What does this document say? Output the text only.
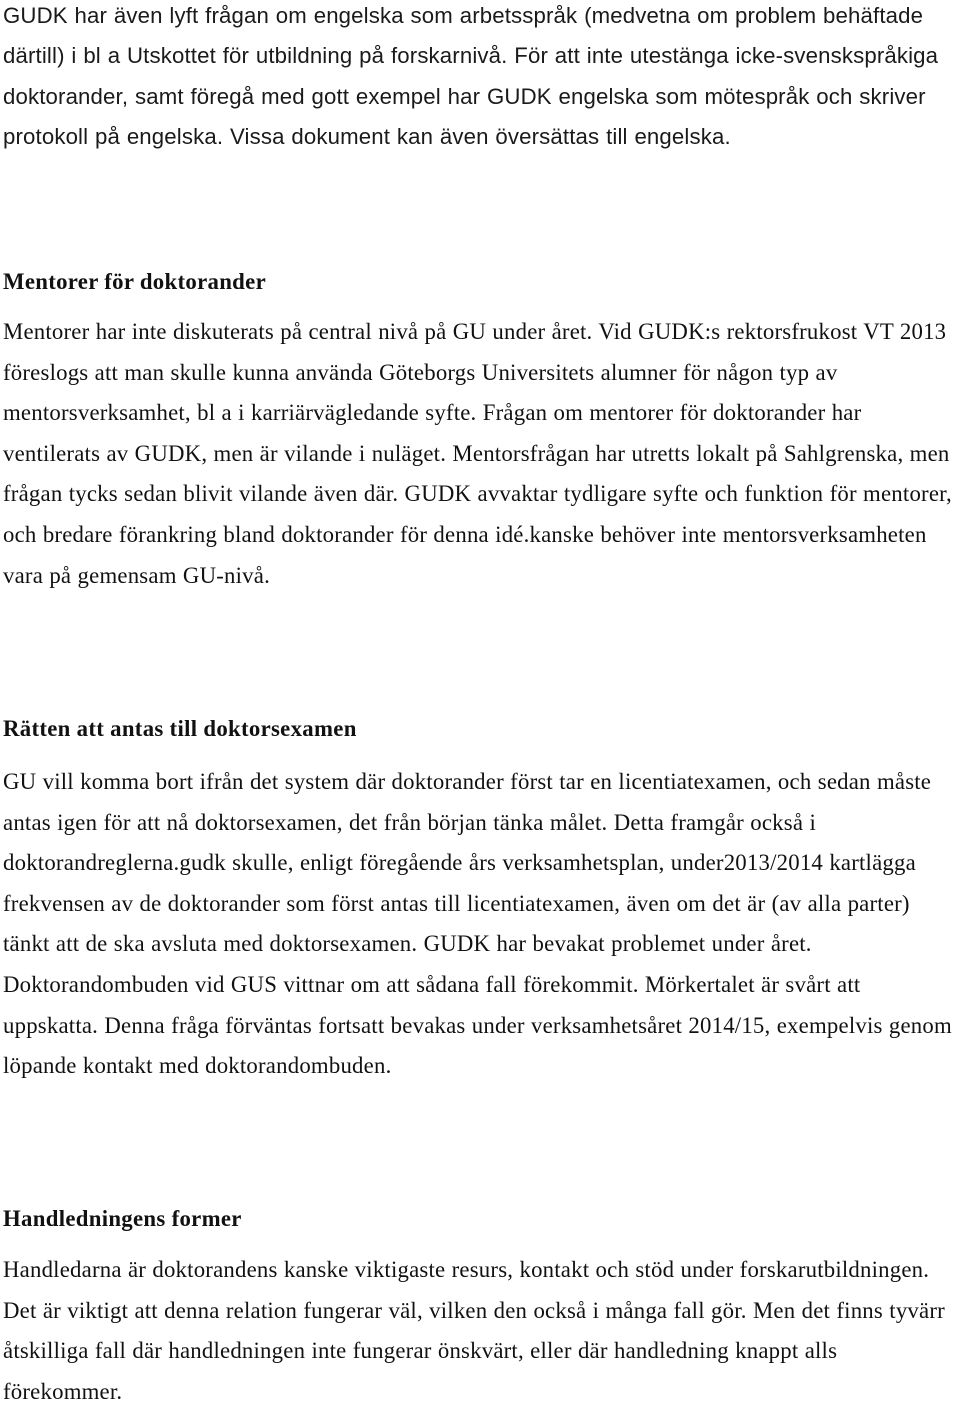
GUDK har även lyft frågan om engelska som arbetsspråk (medvetna om problem behäftade därtill) i bl a Utskottet för utbildning på forskarnivå. För att inte utestänga icke-svenskspråkiga doktorander, samt föregå med gott exempel har GUDK engelska som mötespråk och skriver protokoll på engelska. Vissa dokument kan även översättas till engelska.

Mentorer för doktorander

Mentorer har inte diskuterats på central nivå på GU under året. Vid GUDK:s rektorsfrukost VT 2013 föreslogs att man skulle kunna använda Göteborgs Universitets alumner för någon typ av mentorsverksamhet, bl a i karriärvägledande syfte. Frågan om mentorer för doktorander har ventilerats av GUDK, men är vilande i nuläget. Mentorsfrågan har utretts lokalt på Sahlgrenska, men frågan tycks sedan blivit vilande även där. GUDK avvaktar tydligare syfte och funktion för mentorer, och bredare förankring bland doktorander för denna idé.kanske behöver inte mentorsverksamheten vara på gemensam GU-nivå.

Rätten att antas till doktorsexamen

GU vill komma bort ifrån det system där doktorander först tar en licentiatexamen, och sedan måste antas igen för att nå doktorsexamen, det från början tänka målet. Detta framgår också i doktorandreglerna.gudk skulle, enligt föregående års verksamhetsplan, under2013/2014 kartlägga frekvensen av de doktorander som först antas till licentiatexamen, även om det är (av alla parter) tänkt att de ska avsluta med doktorsexamen. GUDK har bevakat problemet under året. Doktorandombuden vid GUS vittnar om att sådana fall förekommit. Mörkertalet är svårt att uppskatta. Denna fråga förväntas fortsatt bevakas under verksamhetsåret 2014/15, exempelvis genom löpande kontakt med doktorandombuden.

Handledningens former

Handledarna är doktorandens kanske viktigaste resurs, kontakt och stöd under forskarutbildningen. Det är viktigt att denna relation fungerar väl, vilken den också i många fall gör. Men det finns tyvärr åtskilliga fall där handledningen inte fungerar önskvärt, eller där handledning knappt alls förekommer.
